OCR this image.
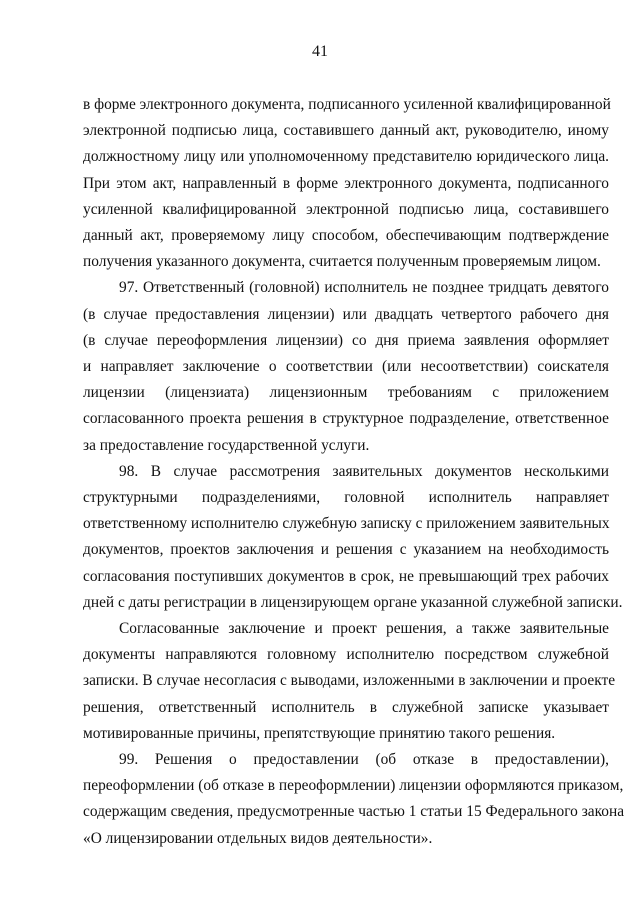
41
в форме электронного документа, подписанного усиленной квалифицированной
электронной подписью лица, составившего данный акт, руководителю, иному
должностному лицу или уполномоченному представителю юридического лица.
При этом акт, направленный в форме электронного документа, подписанного
усиленной квалифицированной электронной подписью лица, составившего
данный акт, проверяемому лицу способом, обеспечивающим подтверждение
получения указанного документа, считается полученным проверяемым лицом.
97. Ответственный (головной) исполнитель не позднее тридцать девятого
(в случае предоставления лицензии) или двадцать четвертого рабочего дня
(в случае переоформления лицензии) со дня приема заявления оформляет
и направляет заключение о соответствии (или несоответствии) соискателя
лицензии (лицензиата) лицензионным требованиям с приложением
согласованного проекта решения в структурное подразделение, ответственное
за предоставление государственной услуги.
98. В случае рассмотрения заявительных документов несколькими
структурными подразделениями, головной исполнитель направляет
ответственному исполнителю служебную записку с приложением заявительных
документов, проектов заключения и решения с указанием на необходимость
согласования поступивших документов в срок, не превышающий трех рабочих
дней с даты регистрации в лицензирующем органе указанной служебной записки.
Согласованные заключение и проект решения, а также заявительные
документы направляются головному исполнителю посредством служебной
записки. В случае несогласия с выводами, изложенными в заключении и проекте
решения, ответственный исполнитель в служебной записке указывает
мотивированные причины, препятствующие принятию такого решения.
99. Решения о предоставлении (об отказе в предоставлении),
переоформлении (об отказе в переоформлении) лицензии оформляются приказом,
содержащим сведения, предусмотренные частью 1 статьи 15 Федерального закона
«О лицензировании отдельных видов деятельности».
